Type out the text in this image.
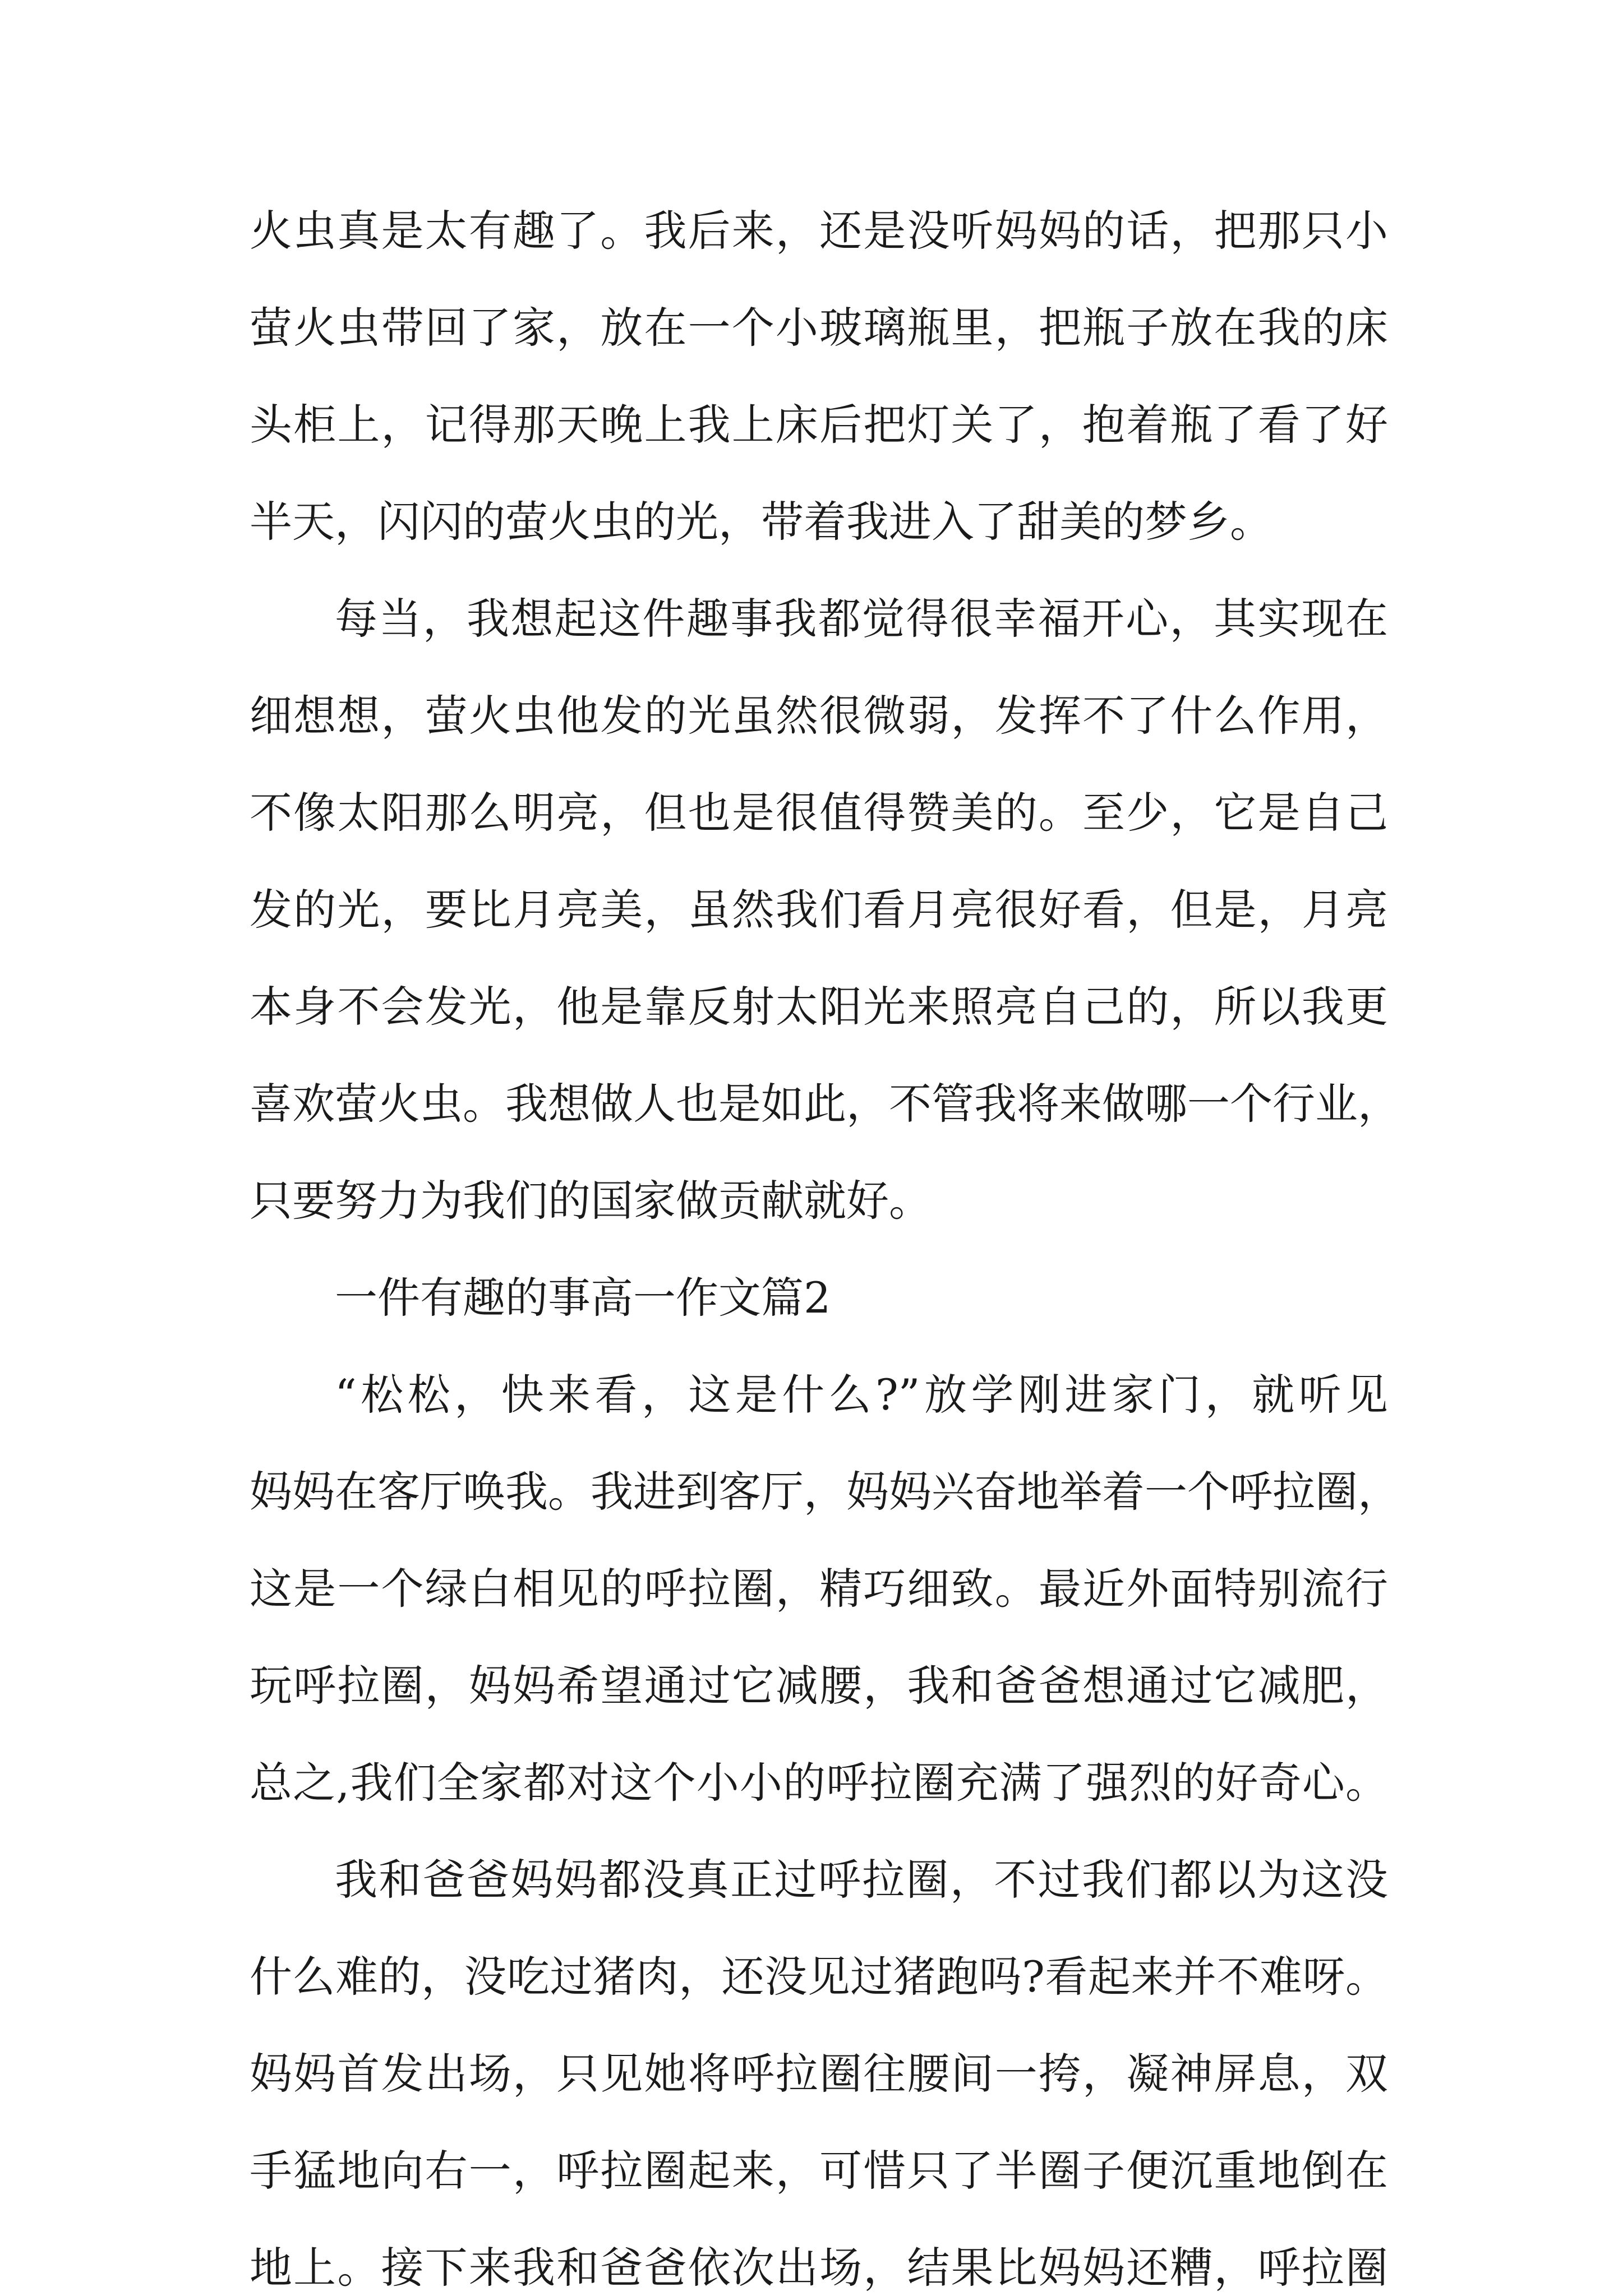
火虫真是太有趣了。我后来，还是没听妈妈的话，把那只小
萤火虫带回了家，放在一个小玻璃瓶里，把瓶子放在我的床
头柜上，记得那天晚上我上床后把灯关了，抱着瓶了看了好
半天，闪闪的萤火虫的光，带着我进入了甜美的梦乡。
每当，我想起这件趣事我都觉得很幸福开心，其实现在
细想想，萤火虫他发的光虽然很微弱，发挥不了什么作用，
不像太阳那么明亮，但也是很值得赞美的。至少，它是自己
发的光，要比月亮美，虽然我们看月亮很好看，但是，月亮
本身不会发光，他是靠反射太阳光来照亮自己的，所以我更
喜欢萤火虫。我想做人也是如此，不管我将来做哪一个行业，
只要努力为我们的国家做贡献就好。
一件有趣的事高一作文篇2
“松松，快来看，这是什么?”放学刚进家门，就听见
妈妈在客厅唤我。我进到客厅，妈妈兴奋地举着一个呼拉圈，
这是一个绿白相见的呼拉圈，精巧细致。最近外面特别流行
玩呼拉圈，妈妈希望通过它减腰，我和爸爸想通过它减肥，
总之,我们全家都对这个小小的呼拉圈充满了强烈的好奇心。
我和爸爸妈妈都没真正过呼拉圈，不过我们都以为这没
什么难的，没吃过猪肉，还没见过猪跑吗?看起来并不难呀。
妈妈首发出场，只见她将呼拉圈往腰间一挎，凝神屏息，双
手猛地向右一，呼拉圈起来，可惜只了半圈子便沉重地倒在
地上。接下来我和爸爸依次出场，结果比妈妈还糟，呼拉圈
